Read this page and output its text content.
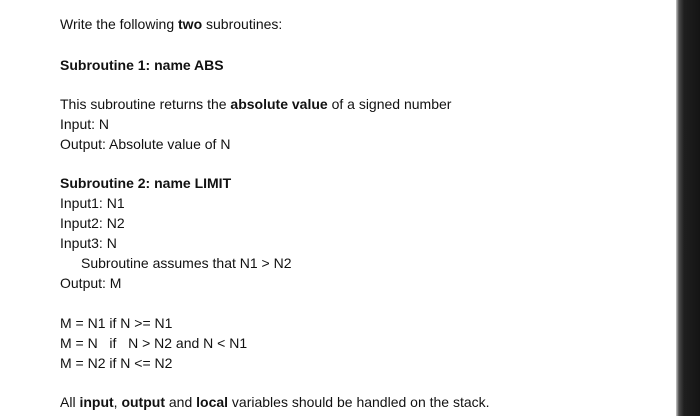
Write the following two subroutines:
Subroutine 1: name ABS
This subroutine returns the absolute value of a signed number
Input: N
Output: Absolute value of N
Subroutine 2: name LIMIT
Input1: N1
Input2: N2
Input3: N
Subroutine assumes that N1 > N2
Output: M
M = N1 if N >= N1
M = N   if   N > N2 and N < N1
M = N2 if N <= N2
All input, output and local variables should be handled on the stack.
